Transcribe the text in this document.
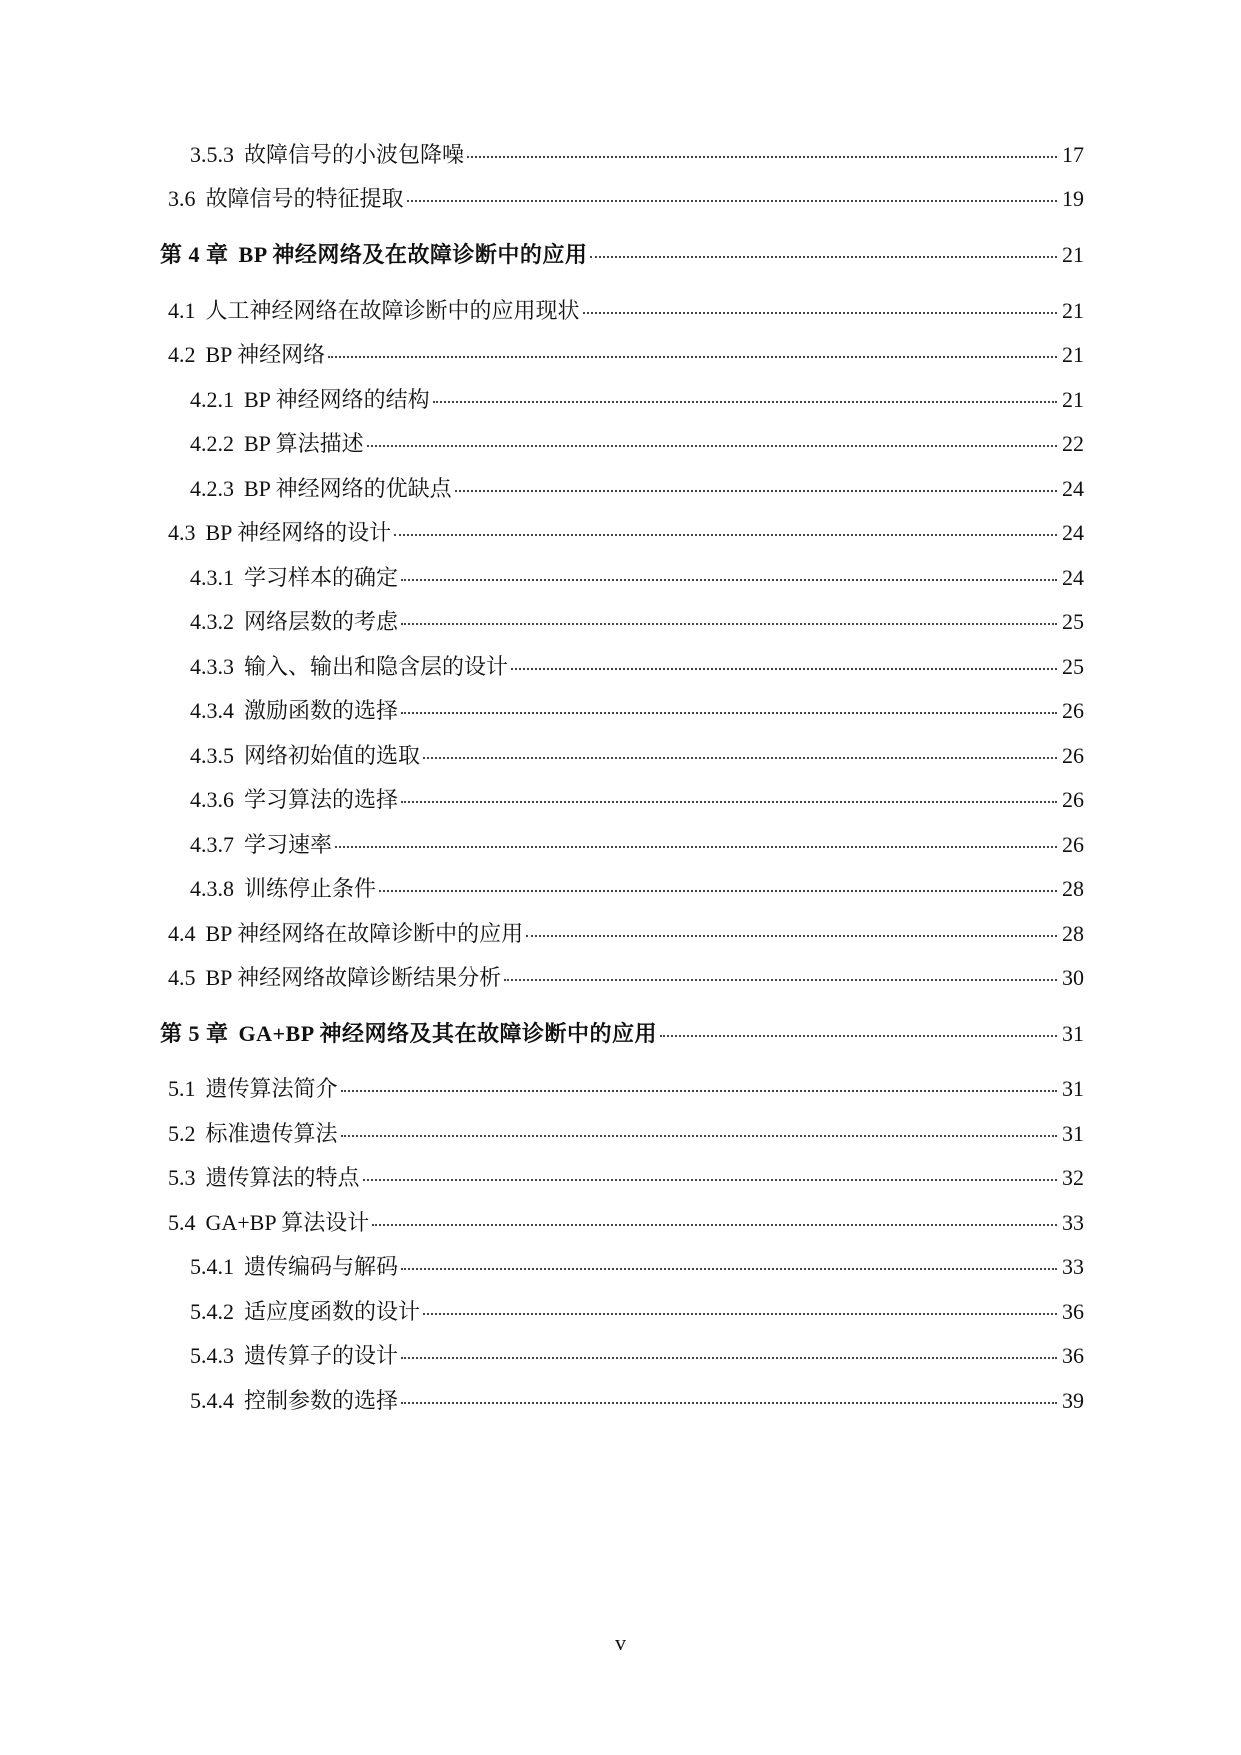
3.5.3 故障信号的小波包降噪	17
3.6 故障信号的特征提取	19
第 4 章 BP 神经网络及在故障诊断中的应用	21
4.1 人工神经网络在故障诊断中的应用现状	21
4.2 BP 神经网络	21
4.2.1 BP 神经网络的结构	21
4.2.2 BP 算法描述	22
4.2.3 BP 神经网络的优缺点	24
4.3 BP 神经网络的设计	24
4.3.1 学习样本的确定	24
4.3.2 网络层数的考虑	25
4.3.3 输入、输出和隐含层的设计	25
4.3.4 激励函数的选择	26
4.3.5 网络初始值的选取	26
4.3.6 学习算法的选择	26
4.3.7 学习速率	26
4.3.8 训练停止条件	28
4.4 BP 神经网络在故障诊断中的应用	28
4.5 BP 神经网络故障诊断结果分析	30
第 5 章 GA+BP 神经网络及其在故障诊断中的应用	31
5.1 遗传算法简介	31
5.2 标准遗传算法	31
5.3 遗传算法的特点	32
5.4 GA+BP 算法设计	33
5.4.1 遗传编码与解码	33
5.4.2 适应度函数的设计	36
5.4.3 遗传算子的设计	36
5.4.4 控制参数的选择	39
v
